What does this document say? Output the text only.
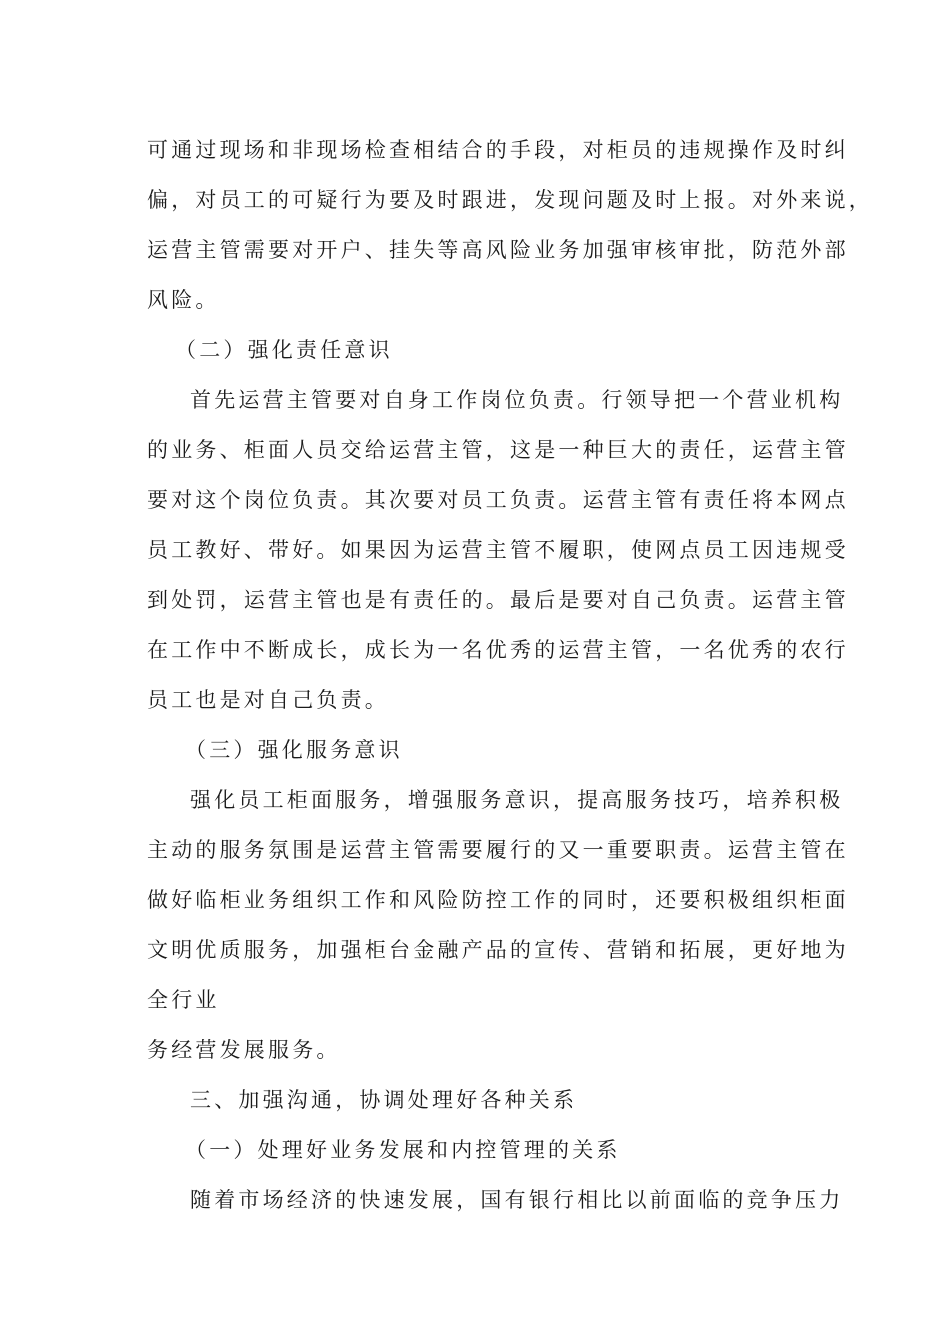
可通过现场和非现场检查相结合的手段，对柜员的违规操作及时纠
偏，对员工的可疑行为要及时跟进，发现问题及时上报。对外来说，
运营主管需要对开户、挂失等高风险业务加强审核审批，防范外部
风险。
（二）强化责任意识
首先运营主管要对自身工作岗位负责。行领导把一个营业机构
的业务、柜面人员交给运营主管，这是一种巨大的责任，运营主管
要对这个岗位负责。其次要对员工负责。运营主管有责任将本网点
员工教好、带好。如果因为运营主管不履职，使网点员工因违规受
到处罚，运营主管也是有责任的。最后是要对自己负责。运营主管
在工作中不断成长，成长为一名优秀的运营主管，一名优秀的农行
员工也是对自己负责。
（三）强化服务意识
强化员工柜面服务，增强服务意识，提高服务技巧，培养积极
主动的服务氛围是运营主管需要履行的又一重要职责。运营主管在
做好临柜业务组织工作和风险防控工作的同时，还要积极组织柜面
文明优质服务，加强柜台金融产品的宣传、营销和拓展，更好地为
全行业
务经营发展服务。
三、加强沟通，协调处理好各种关系
（一）处理好业务发展和内控管理的关系
随着市场经济的快速发展，国有银行相比以前面临的竞争压力
